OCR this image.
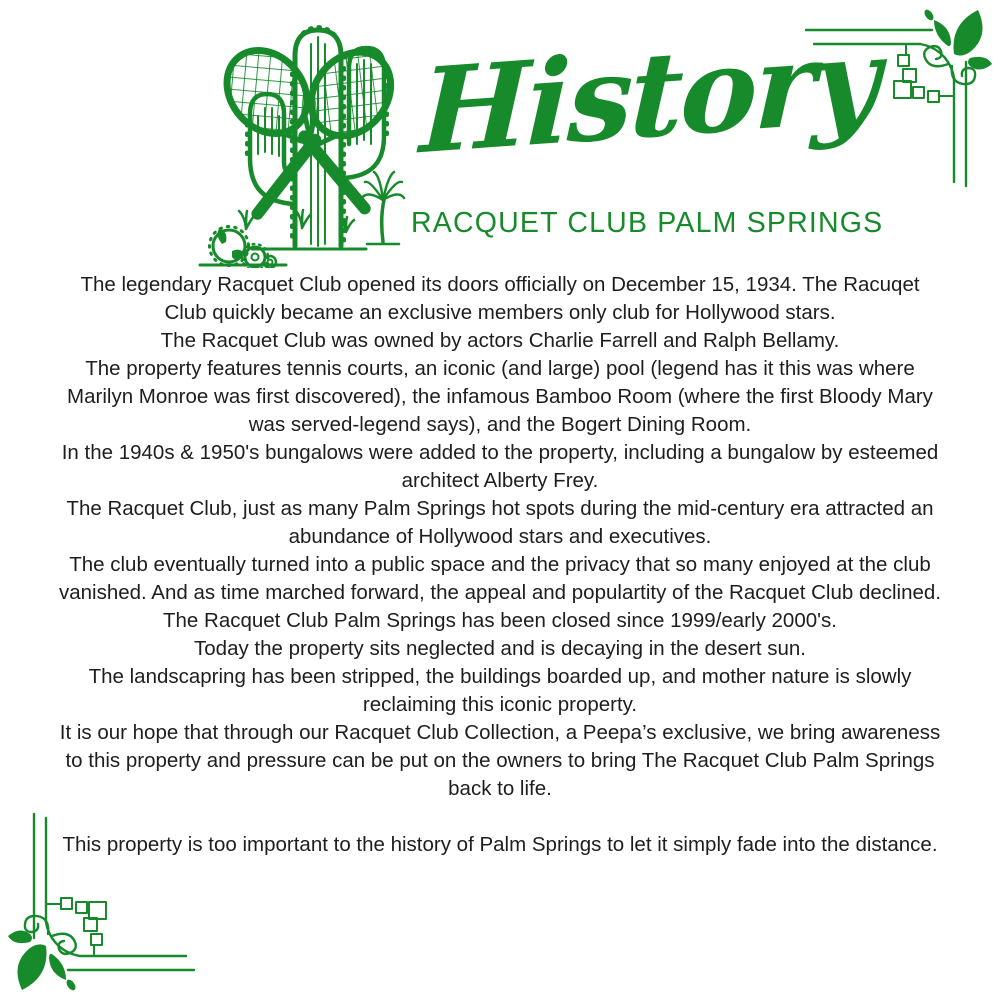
History
RACQUET CLUB PALM SPRINGS

The legendary Racquet Club opened its doors officially on December 15, 1934. The Racuqet Club quickly became an exclusive members only club for Hollywood stars.

The Racquet Club was owned by actors Charlie Farrell and Ralph Bellamy.

The property features tennis courts, an iconic (and large) pool (legend has it this was where Marilyn Monroe was first discovered), the infamous Bamboo Room (where the first Bloody Mary was served-legend says), and the Bogert Dining Room.

In the 1940s & 1950's bungalows were added to the property, including a bungalow by esteemed architect Alberty Frey.

The Racquet Club, just as many Palm Springs hot spots during the mid-century era attracted an abundance of Hollywood stars and executives.

The club eventually turned into a public space and the privacy that so many enjoyed at the club vanished. And as time marched forward, the appeal and populartity of the Racquet Club declined.

The Racquet Club Palm Springs has been closed since 1999/early 2000's.

Today the property sits neglected and is decaying in the desert sun.

The landscapring has been stripped, the buildings boarded up, and mother nature is slowly reclaiming this iconic property.

It is our hope that through our Racquet Club Collection, a Peepa’s exclusive, we bring awareness to this property and pressure can be put on the owners to bring The Racquet Club Palm Springs back to life.

This property is too important to the history of Palm Springs to let it simply fade into the distance.
